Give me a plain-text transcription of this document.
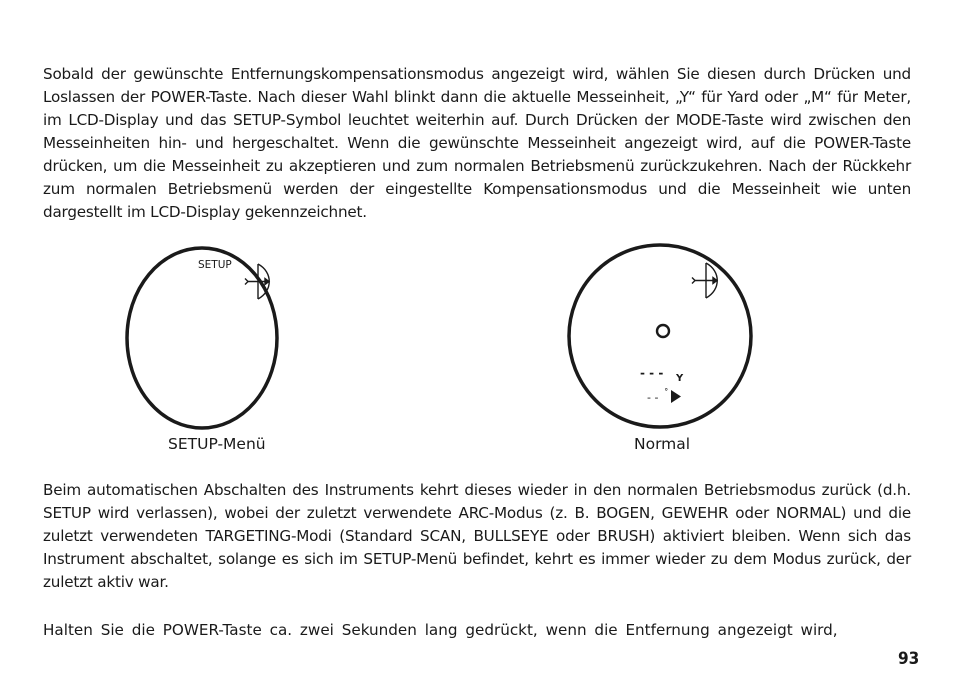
Sobald der gewünschte Entfernungskompensationsmodus angezeigt wird, wählen Sie diesen durch Drücken und Loslassen der POWER-Taste. Nach dieser Wahl blinkt dann die aktuelle Messeinheit, „Y“ für Yard oder „M“ für Meter, im LCD-Display und das SETUP-Symbol leuchtet weiterhin auf. Durch Drücken der MODE-Taste wird zwischen den Messeinheiten hin- und hergeschaltet. Wenn die gewünschte Messeinheit angezeigt wird, auf die POWER-Taste drücken, um die Messeinheit zu akzeptieren und zum normalen Betriebsmenü zurückzukehren. Nach der Rückkehr zum normalen Betriebsmenü werden der eingestellte Kompensationsmodus und die Messeinheit wie unten dargestellt im LCD-Display gekennzeichnet.

SETUP
- - - Y
- - ˚
SETUP-Menü	Normal

Beim automatischen Abschalten des Instruments kehrt dieses wieder in den normalen Betriebsmodus zurück (d.h. SETUP wird verlassen), wobei der zuletzt verwendete ARC-Modus (z. B. BOGEN, GEWEHR oder NORMAL) und die zuletzt verwendeten TARGETING-Modi (Standard SCAN, BULLSEYE oder BRUSH) aktiviert bleiben. Wenn sich das Instrument abschaltet, solange es sich im SETUP-Menü befindet, kehrt es immer wieder zu dem Modus zurück, der zuletzt aktiv war.

Halten Sie die POWER-Taste ca. zwei Sekunden lang gedrückt, wenn die Entfernung angezeigt wird,

93
